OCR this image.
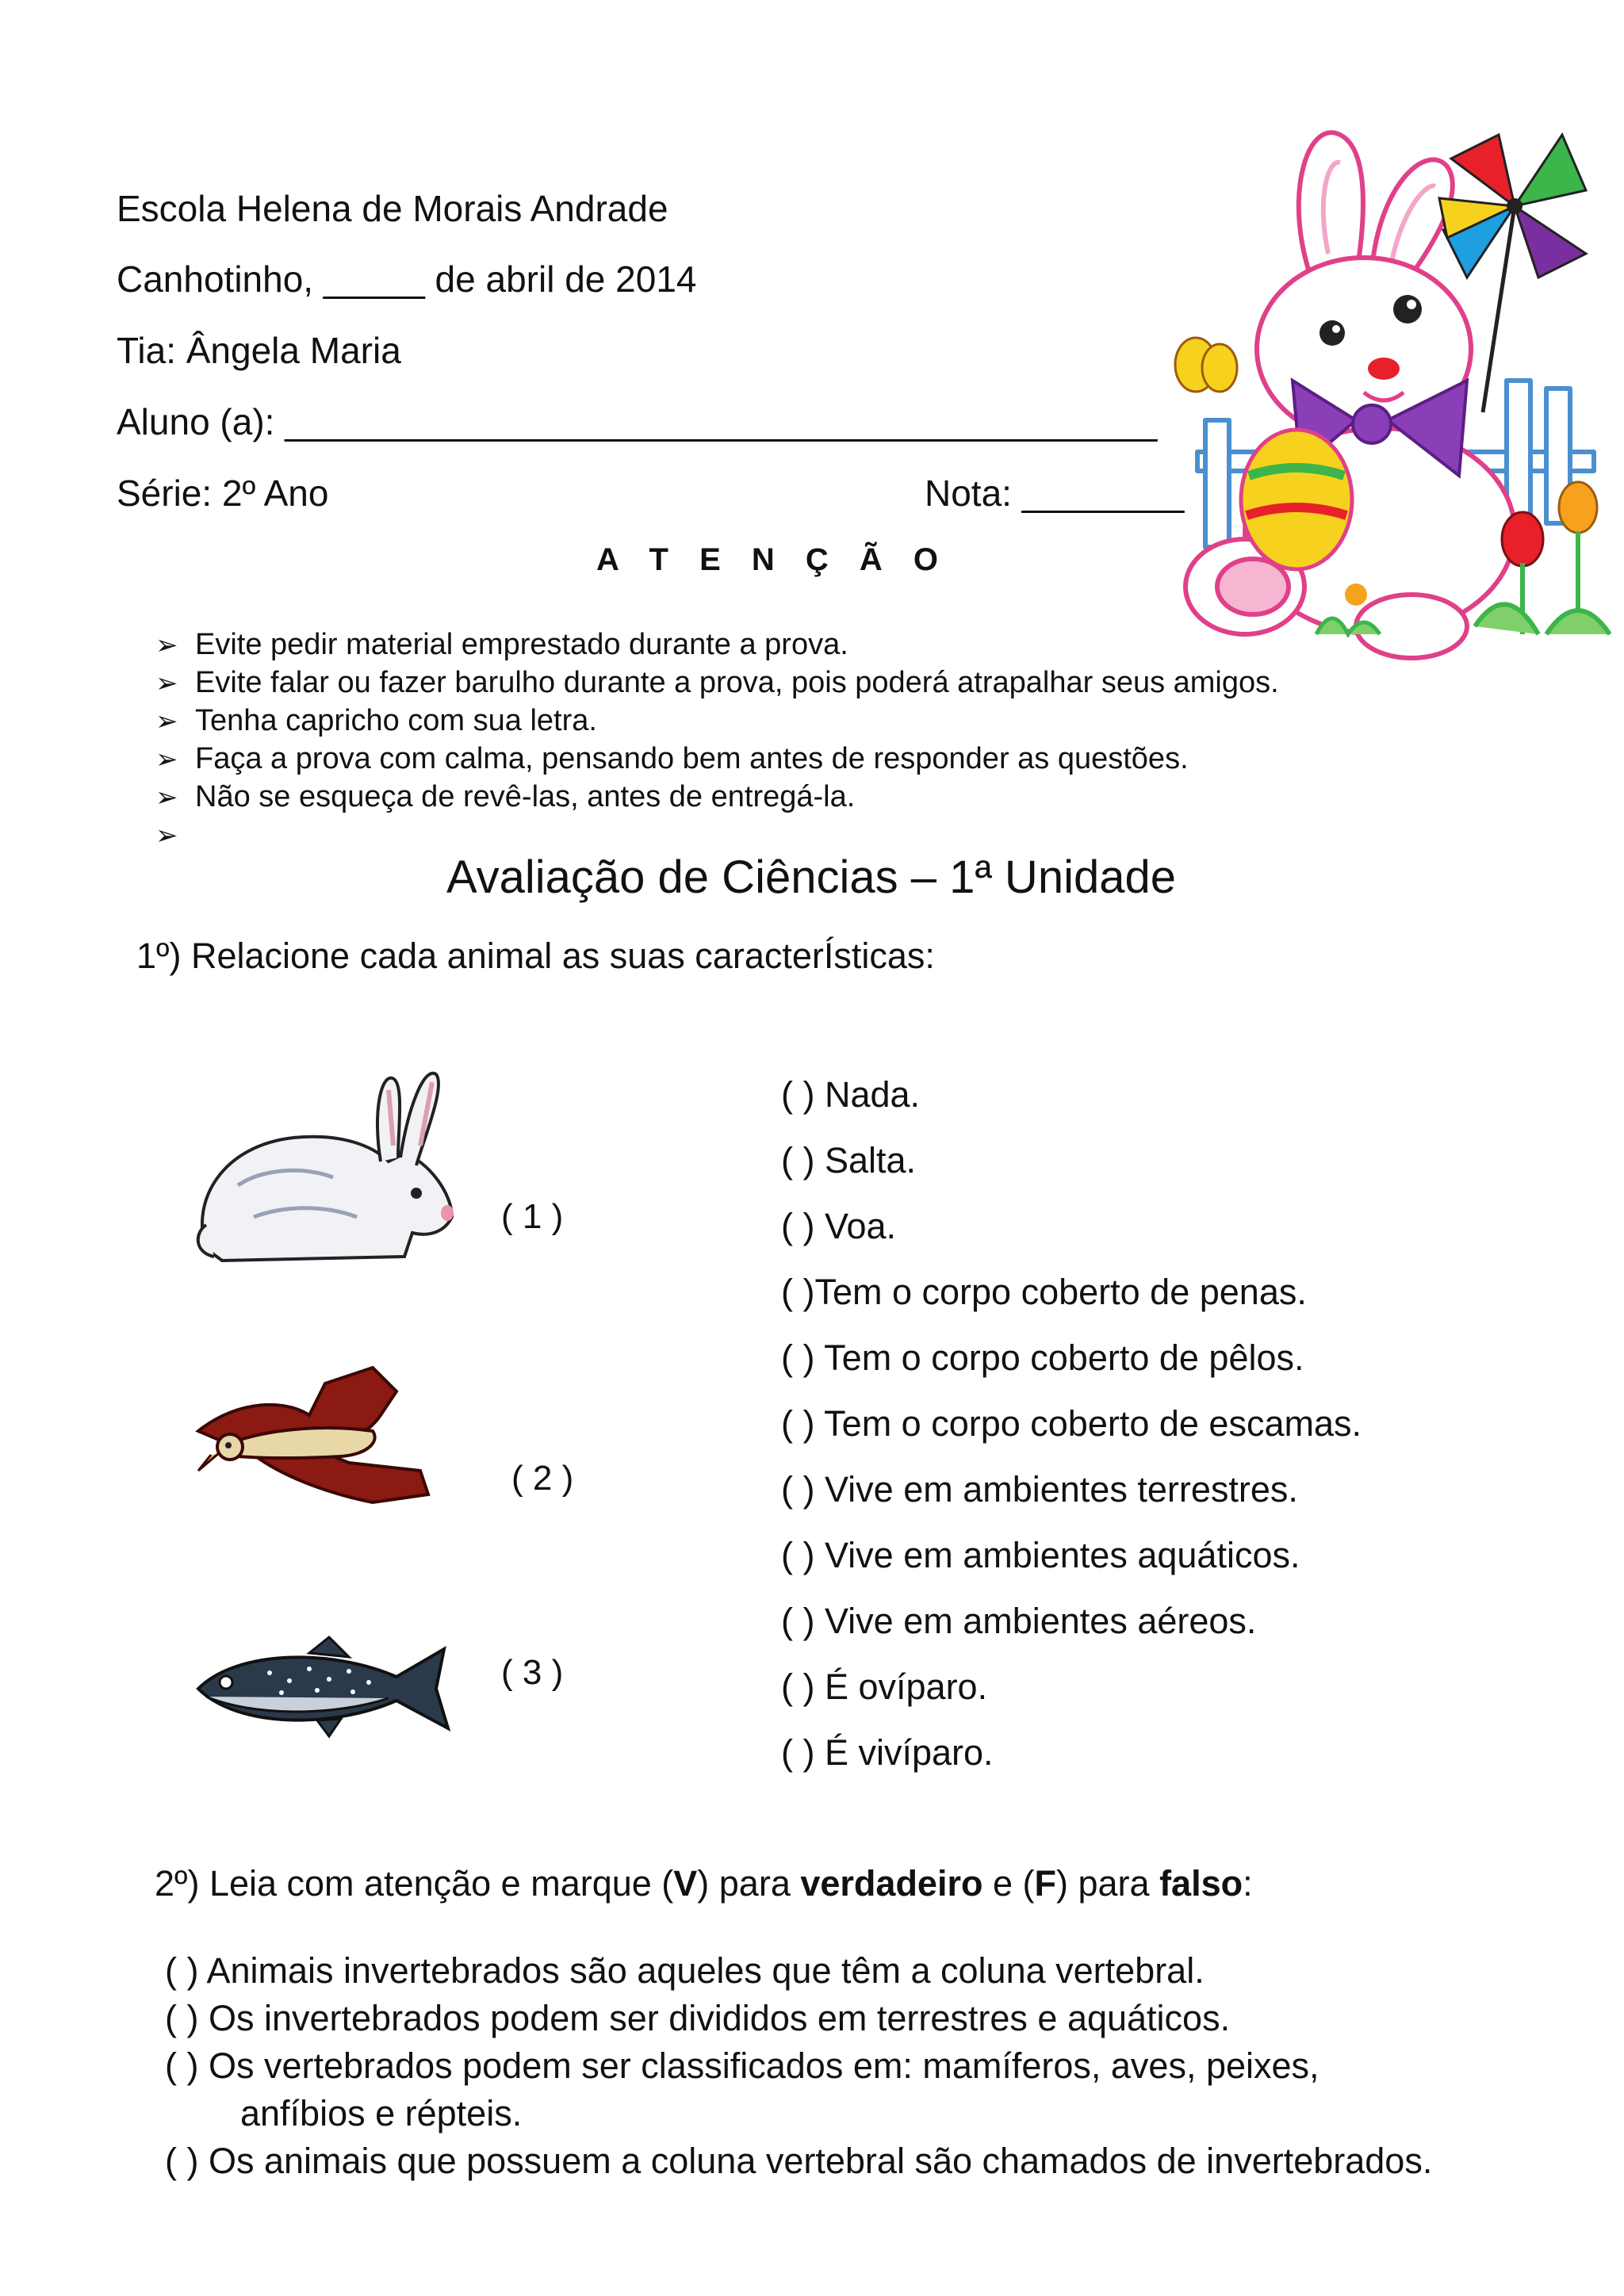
Escola Helena de Morais Andrade
Canhotinho, _____ de abril de 2014
Tia: Ângela Maria
Aluno (a): ___________________________________________
Série: 2º Ano	Nota: ________
A T E N Ç Ã O
➢ Evite pedir material emprestado durante a prova.
➢ Evite falar ou fazer barulho durante a prova, pois poderá atrapalhar seus amigos.
➢ Tenha capricho com sua letra.
➢ Faça a prova com calma, pensando bem antes de responder as questões.
➢ Não se esqueça de revê-las, antes de entregá-la.
➢
Avaliação de Ciências – 1ª Unidade
1º) Relacione cada animal as suas caracterÍsticas:
( 1 )
( 2 )
( 3 )
( ) Nada.
( ) Salta.
( ) Voa.
( )Tem o corpo coberto de penas.
( ) Tem o corpo coberto de pêlos.
( ) Tem o corpo coberto de escamas.
( ) Vive em ambientes terrestres.
( ) Vive em ambientes aquáticos.
( ) Vive em ambientes aéreos.
( ) É ovíparo.
( ) É vivíparo.
2º) Leia com atenção e marque (V) para verdadeiro e (F) para falso:
( ) Animais invertebrados são aqueles que têm a coluna vertebral.
( ) Os invertebrados podem ser divididos em terrestres e aquáticos.
( ) Os vertebrados podem ser classificados em: mamíferos, aves, peixes,
anfíbios e répteis.
( ) Os animais que possuem a coluna vertebral são chamados de invertebrados.
